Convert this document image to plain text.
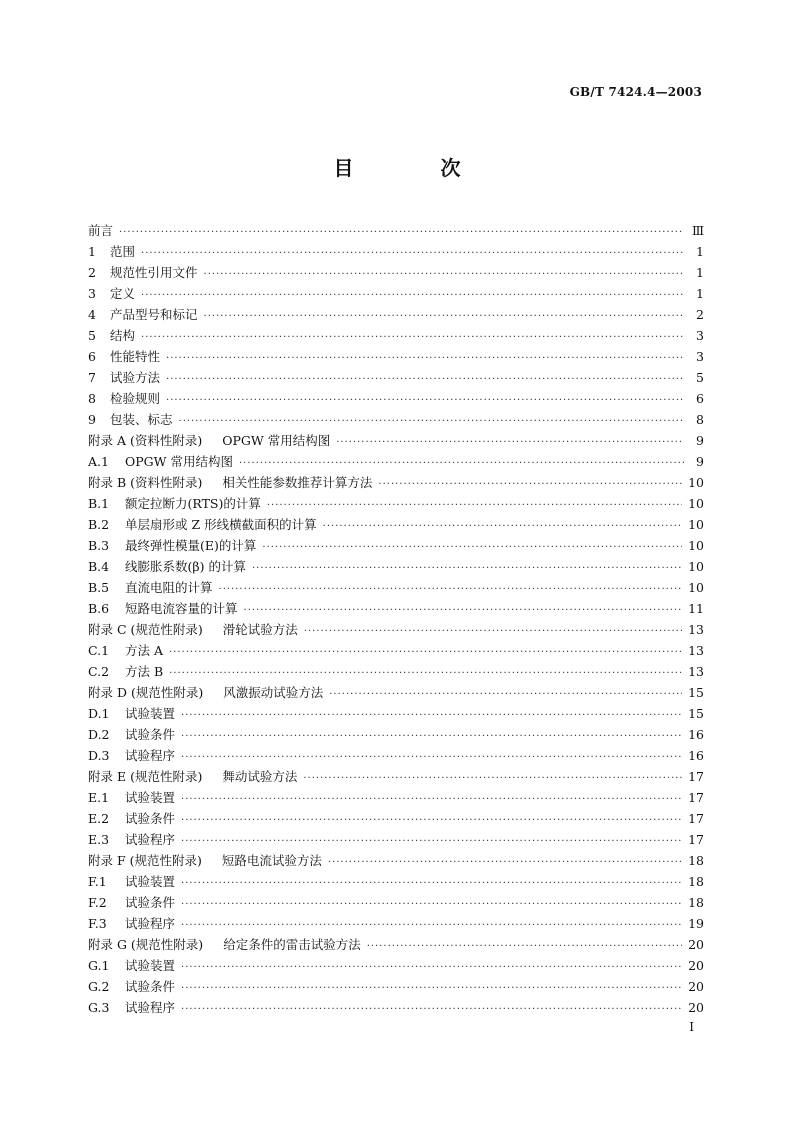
GB/T 7424.4—2003
目 次
前言 ·····	Ⅲ
1	范围 ·····	1
2	规范性引用文件 ·····	1
3	定义 ·····	1
4	产品型号和标记 ·····	2
5	结构 ·····	3
6	性能特性 ·····	3
7	试验方法 ·····	5
8	检验规则 ·····	6
9	包装、标志 ·····	8
附录 A (资料性附录) OPGW 常用结构图 ·····	9
A.1	OPGW 常用结构图 ·····	9
附录 B (资料性附录) 相关性能参数推荐计算方法 ·····	10
B.1	额定拉断力(RTS)的计算 ·····	10
B.2	单层扇形或 Z 形线横截面积的计算 ·····	10
B.3	最终弹性模量(E)的计算 ·····	10
B.4	线膨胀系数(β) 的计算 ·····	10
B.5	直流电阻的计算 ·····	10
B.6	短路电流容量的计算 ·····	11
附录 C (规范性附录) 滑轮试验方法 ·····	13
C.1	方法 A ·····	13
C.2	方法 B ·····	13
附录 D (规范性附录) 风激振动试验方法 ·····	15
D.1	试验装置 ·····	15
D.2	试验条件 ·····	16
D.3	试验程序 ·····	16
附录 E (规范性附录) 舞动试验方法 ·····	17
E.1	试验装置 ·····	17
E.2	试验条件 ·····	17
E.3	试验程序 ·····	17
附录 F (规范性附录) 短路电流试验方法 ·····	18
F.1	试验装置 ·····	18
F.2	试验条件 ·····	18
F.3	试验程序 ·····	19
附录 G (规范性附录) 给定条件的雷击试验方法 ·····	20
G.1	试验装置 ·····	20
G.2	试验条件 ·····	20
G.3	试验程序 ·····	20
I
